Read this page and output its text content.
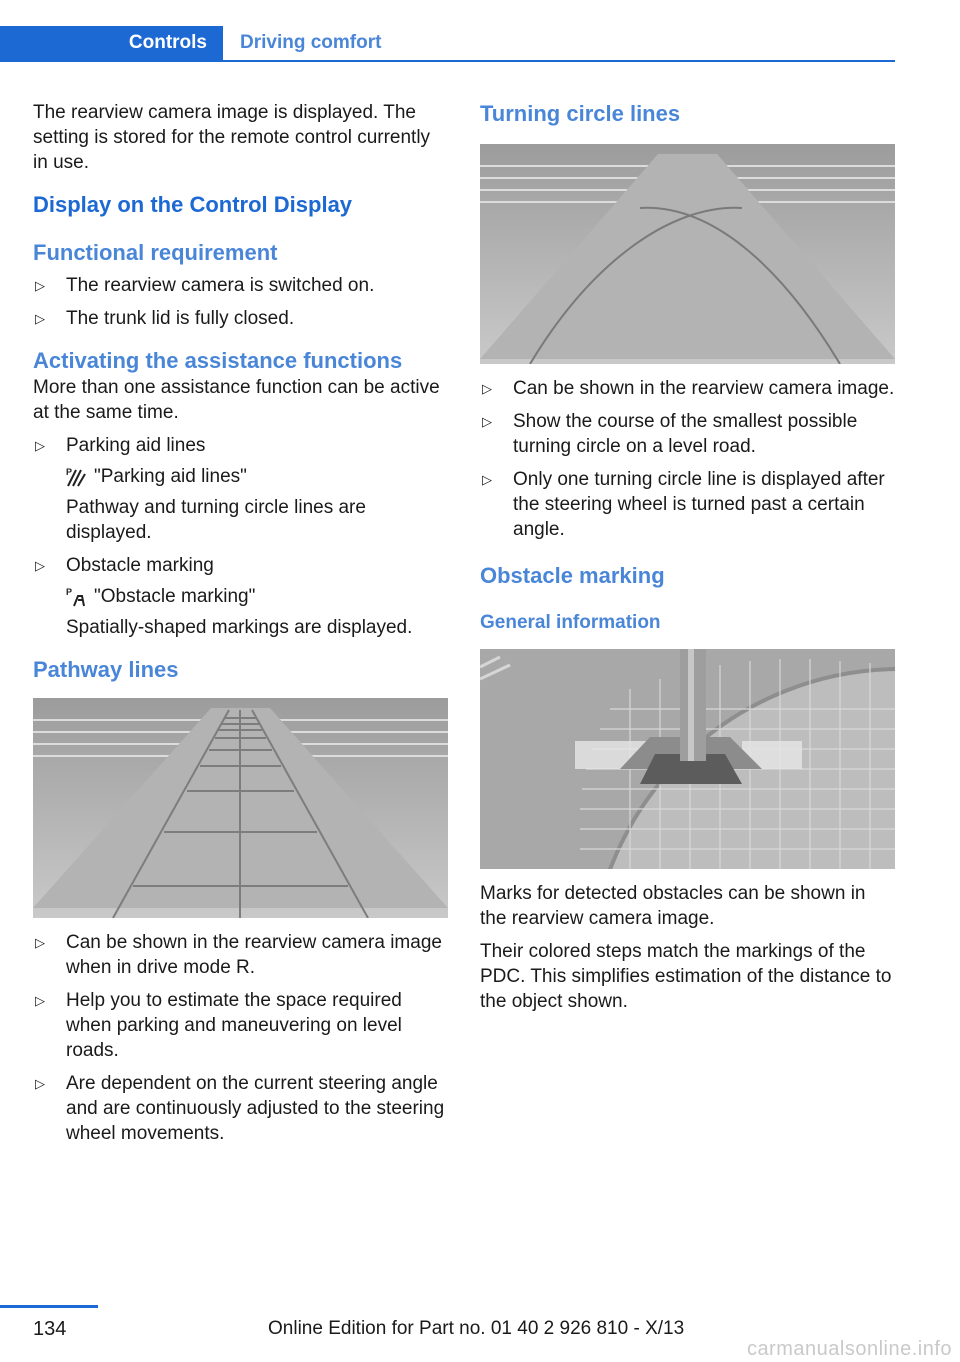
Controls	Driving comfort

The rearview camera image is displayed. The setting is stored for the remote control currently in use.

Display on the Control Display
Functional requirement
▷ The rearview camera is switched on.
▷ The trunk lid is fully closed.
Activating the assistance functions

More than one assistance function can be active at the same time.

▷ Parking aid lines
P "Parking aid lines"
Pathway and turning circle lines are displayed.
▷ Obstacle marking
P "Obstacle marking"
Spatially-shaped markings are displayed.
Pathway lines
▷ Can be shown in the rearview camera image when in drive mode R.
▷ Help you to estimate the space required when parking and maneuvering on level roads.
▷ Are dependent on the current steering angle and are continuously adjusted to the steering wheel movements.
Turning circle lines
▷ Can be shown in the rearview camera image.
▷ Show the course of the smallest possible turning circle on a level road.
▷ Only one turning circle line is displayed after the steering wheel is turned past a certain angle.
Obstacle marking
General information

Marks for detected obstacles can be shown in the rearview camera image.

Their colored steps match the markings of the PDC. This simplifies estimation of the distance to the object shown.

134	Online Edition for Part no. 01 40 2 926 810 - X/13
carmanualsonline.info
